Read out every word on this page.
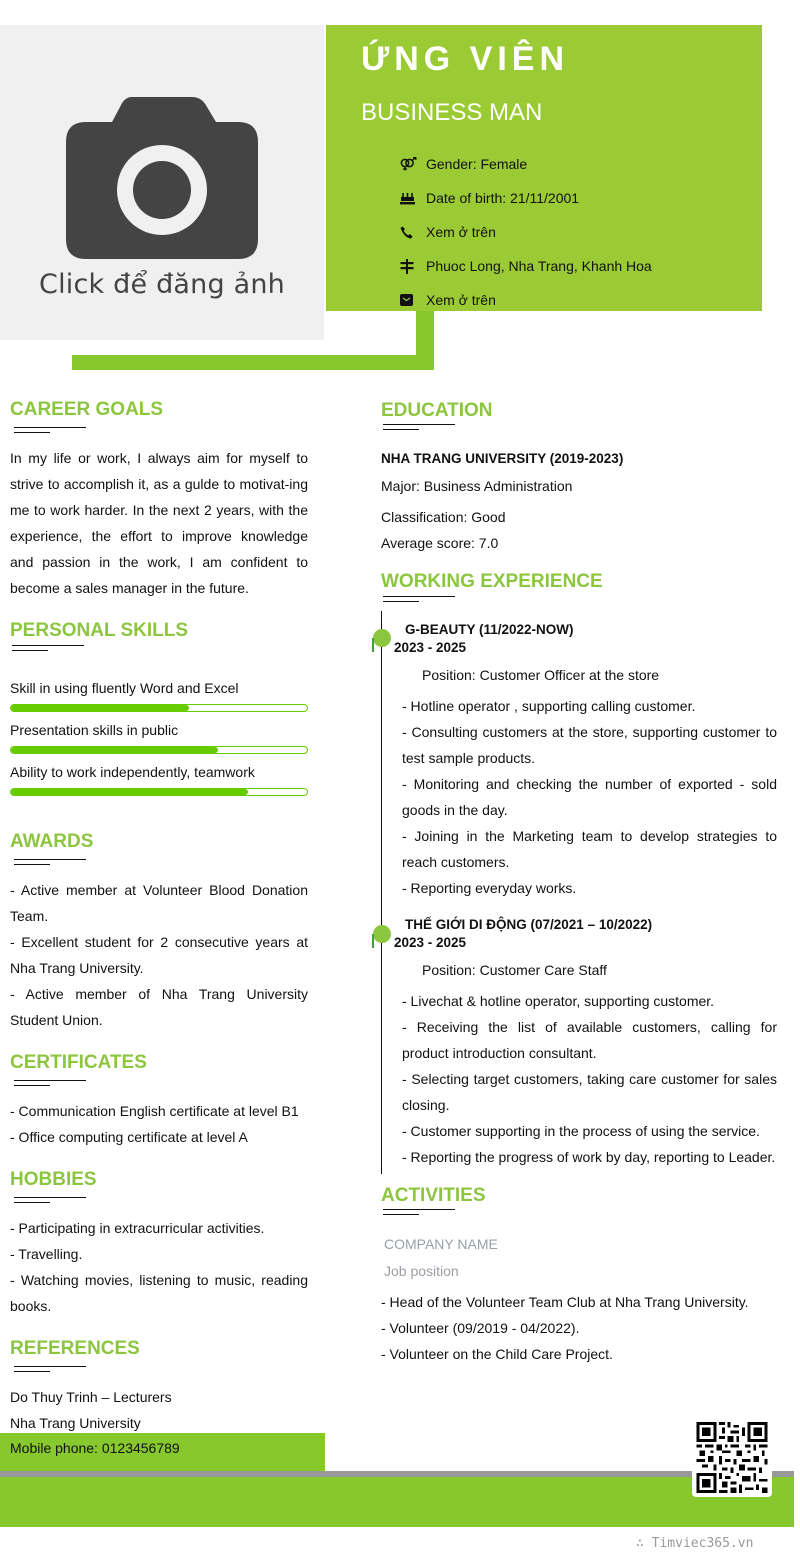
Click để đăng ảnh
ỨNG VIÊN
BUSINESS MAN
Gender: Female
Date of birth: 21/11/2001
Xem ở trên
Phuoc Long, Nha Trang, Khanh Hoa
Xem ở trên
CAREER GOALS
In my life or work, I always aim for myself to strive to accomplish it, as a gulde to motivat-ing me to work harder. In the next 2 years, with the experience, the effort to improve knowledge and passion in the work, I am confident to become a sales manager in the future.
PERSONAL SKILLS
Skill in using fluently Word and Excel
Presentation skills in public
Ability to work independently, teamwork
AWARDS
- Active member at Volunteer Blood Donation Team.
- Excellent student for 2 consecutive years at Nha Trang University.
- Active member of Nha Trang University Student Union.
CERTIFICATES
- Communication English certificate at level B1
- Office computing certificate at level A
HOBBIES
- Participating in extracurricular activities.
- Travelling.
- Watching movies, listening to music, reading books.
REFERENCES
Do Thuy Trinh – Lecturers
Nha Trang University
EDUCATION
NHA TRANG UNIVERSITY (2019-2023)
Major: Business Administration
Classification: Good
Average score: 7.0
WORKING EXPERIENCE
G-BEAUTY (11/2022-NOW)
2023 - 2025
Position: Customer Officer at the store
- Hotline operator , supporting calling customer.
- Consulting customers at the store, supporting customer to test sample products.
- Monitoring and checking the number of exported - sold goods in the day.
- Joining in the Marketing team to develop strategies to reach customers.
- Reporting everyday works.
THẾ GIỚI DI ĐỘNG (07/2021 – 10/2022)
2023 - 2025
Position: Customer Care Staff
- Livechat & hotline operator, supporting customer.
- Receiving the list of available customers, calling for product introduction consultant.
- Selecting target customers, taking care customer for sales closing.
- Customer supporting in the process of using the service.
- Reporting the progress of work by day, reporting to Leader.
ACTIVITIES
COMPANY NAME
Job position
- Head of the Volunteer Team Club at Nha Trang University.
- Volunteer (09/2019 - 04/2022).
- Volunteer on the Child Care Project.
Mobile phone: 0123456789
∴ Timviec365.vn
